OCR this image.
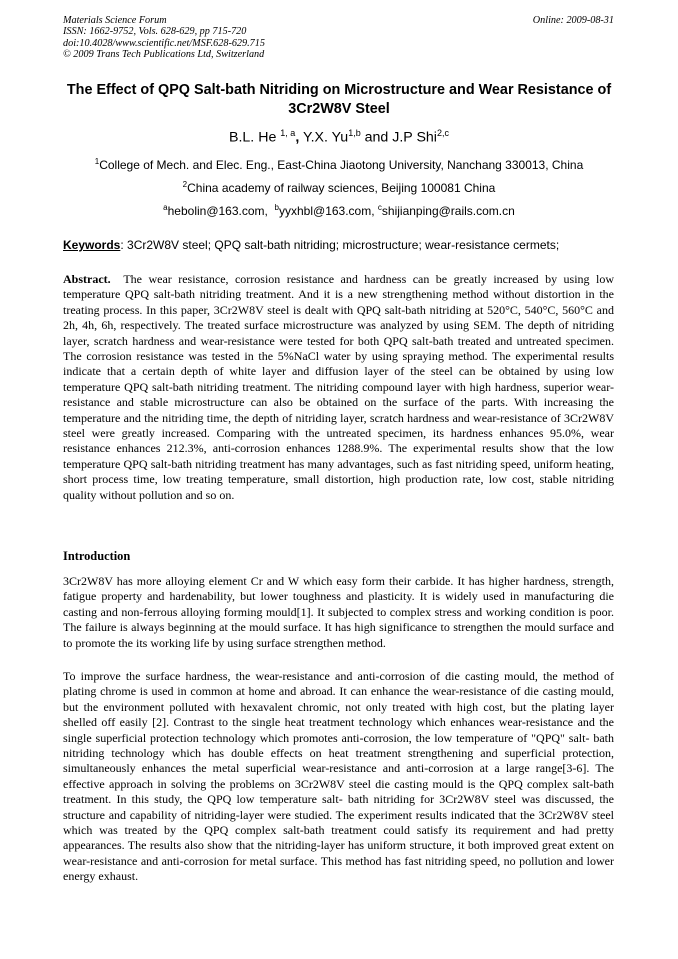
Materials Science Forum
ISSN: 1662-9752, Vols. 628-629, pp 715-720
doi:10.4028/www.scientific.net/MSF.628-629.715
© 2009 Trans Tech Publications Ltd, Switzerland
Online: 2009-08-31
The Effect of QPQ Salt-bath Nitriding on Microstructure and Wear Resistance of 3Cr2W8V Steel
B.L. He $^{1, a}$, Y.X. Yu$^{1,b}$ and J.P Shi$^{2,c}$
$^1$College of Mech. and Elec. Eng., East-China Jiaotong University, Nanchang 330013, China
$^2$China academy of railway sciences, Beijing 100081 China
$^a$hebolin@163.com, $^b$yyxhbl@163.com, $^c$shijianping@rails.com.cn
Keywords: 3Cr2W8V steel; QPQ salt-bath nitriding; microstructure; wear-resistance cermets;

Abstract. The wear resistance, corrosion resistance and hardness can be greatly increased by using low temperature QPQ salt-bath nitriding treatment. And it is a new strengthening method without distortion in the treating process. In this paper, 3Cr2W8V steel is dealt with QPQ salt-bath nitriding at 520°C, 540°C, 560°C and 2h, 4h, 6h, respectively. The treated surface microstructure was analyzed by using SEM. The depth of nitriding layer, scratch hardness and wear-resistance were tested for both QPQ salt-bath treated and untreated specimen. The corrosion resistance was tested in the 5%NaCl water by using spraying method. The experimental results indicate that a certain depth of white layer and diffusion layer of the steel can be obtained by using low temperature QPQ salt-bath nitriding treatment. The nitriding compound layer with high hardness, superior wear-resistance and stable microstructure can also be obtained on the surface of the parts. With increasing the temperature and the nitriding time, the depth of nitriding layer, scratch hardness and wear-resistance of 3Cr2W8V steel were greatly increased. Comparing with the untreated specimen, its hardness enhances 95.0%, wear resistance enhances 212.3%, anti-corrosion enhances 1288.9%. The experimental results show that the low temperature QPQ salt-bath nitriding treatment has many advantages, such as fast nitriding speed, uniform heating, short process time, low treating temperature, small distortion, high production rate, low cost, stable nitriding quality without pollution and so on.

Introduction

3Cr2W8V has more alloying element Cr and W which easy form their carbide. It has higher hardness, strength, fatigue property and hardenability, but lower toughness and plasticity. It is widely used in manufacturing die casting and non-ferrous alloying forming mould[1]. It subjected to complex stress and working condition is poor. The failure is always beginning at the mould surface. It has high significance to strengthen the mould surface and to promote the its working life by using surface strengthen method.

To improve the surface hardness, the wear-resistance and anti-corrosion of die casting mould, the method of plating chrome is used in common at home and abroad. It can enhance the wear-resistance of die casting mould, but the environment polluted with hexavalent chromic, not only treated with high cost, but the plating layer shelled off easily [2]. Contrast to the single heat treatment technology which enhances wear-resistance and the single superficial protection technology which promotes anti-corrosion, the low temperature of "QPQ" salt- bath nitriding technology which has double effects on heat treatment strengthening and superficial protection, simultaneously enhances the metal superficial wear-resistance and anti-corrosion at a large range[3-6]. The effective approach in solving the problems on 3Cr2W8V steel die casting mould is the QPQ complex salt-bath treatment. In this study, the QPQ low temperature salt- bath nitriding for 3Cr2W8V steel was discussed, the structure and capability of nitriding-layer were studied. The experiment results indicated that the 3Cr2W8V steel which was treated by the QPQ complex salt-bath treatment could satisfy its requirement and had pretty appearances. The results also show that the nitriding-layer has uniform structure, it both improved great extent on wear-resistance and anti-corrosion for metal surface. This method has fast nitriding speed, no pollution and lower energy exhaust.
